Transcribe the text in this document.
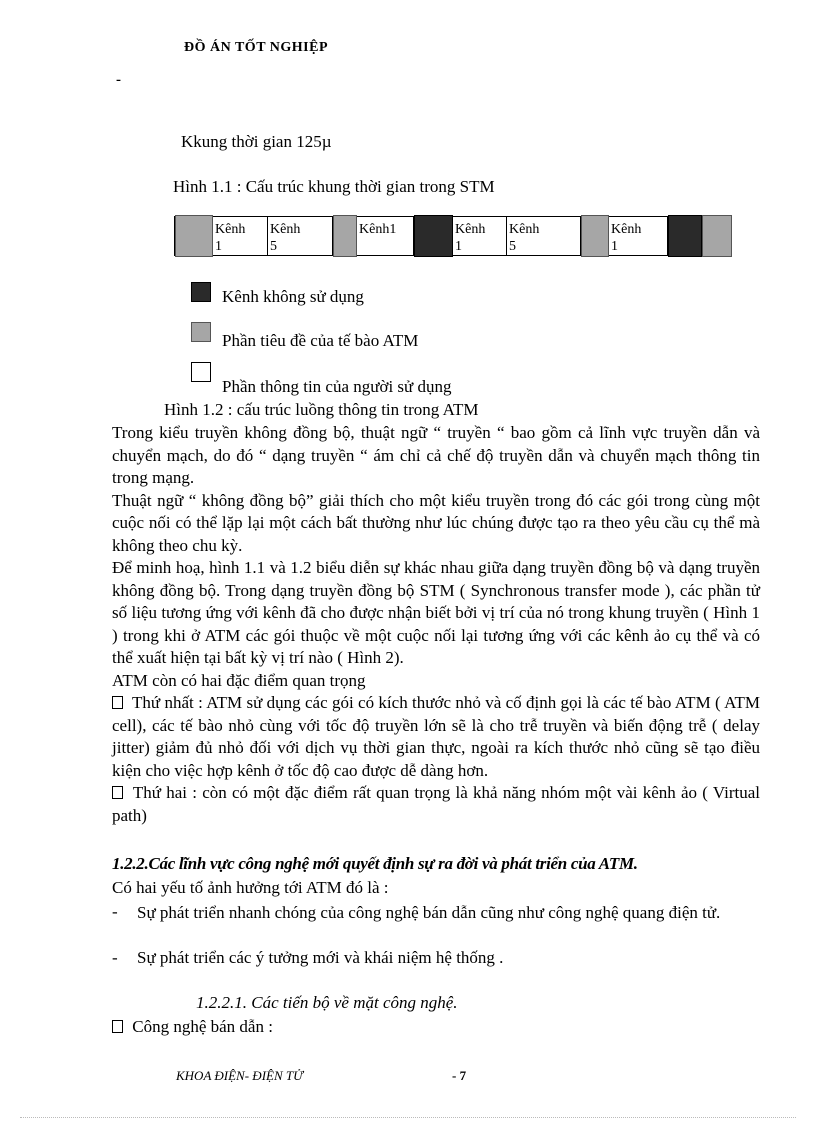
ĐỒ ÁN TỐT NGHIỆP
-
Kkung thời gian 125µ
Hình 1.1 : Cấu trúc khung thời gian trong STM
Kênh
1
Kênh
5
Kênh1	Kênh
1
Kênh
5
Kênh
1
Kênh không sử dụng
Phần tiêu đề của tế bào ATM
Phần thông tin của người sử dụng
Hình 1.2 : cấu trúc luồng thông tin trong ATM

Trong kiểu truyền không đồng bộ, thuật ngữ “ truyền “ bao gồm cả lĩnh vực truyền dẫn và chuyển mạch, do đó “ dạng truyền “ ám chỉ cả chế độ truyền dẫn và chuyển mạch thông tin trong mạng.

Thuật ngữ “ không đồng bộ” giải thích cho một kiểu truyền trong đó các gói trong cùng một cuộc nối có thể lặp lại một cách bất thường như lúc chúng được tạo ra theo yêu cầu cụ thể mà không theo chu kỳ.

Để minh hoạ, hình 1.1 và 1.2 biểu diễn sự khác nhau giữa dạng truyền đồng bộ và dạng truyền không đồng bộ. Trong dạng truyền đồng bộ STM ( Synchronous transfer mode ), các phần tử số liệu tương ứng với kênh đã cho được nhận biết bởi vị trí của nó trong khung truyền ( Hình 1 ) trong khi ở ATM các gói thuộc về một cuộc nối lại tương ứng với các kênh ảo cụ thể và có thể xuất hiện tại bất kỳ vị trí nào ( Hình 2).

ATM còn có hai đặc điểm quan trọng

Thứ nhất : ATM sử dụng các gói có kích thước nhỏ và cố định gọi là các tế bào ATM ( ATM cell), các tế bào nhỏ cùng với tốc độ truyền lớn sẽ là cho trễ truyền và biến động trễ ( delay jitter) giảm đủ nhỏ đối với dịch vụ thời gian thực, ngoài ra kích thước nhỏ cũng sẽ tạo điều kiện cho việc hợp kênh ở tốc độ cao được dễ dàng hơn.

Thứ hai : còn có một đặc điểm rất quan trọng là khả năng nhóm một vài kênh ảo ( Virtual path)

1.2.2.Các lĩnh vực công nghệ mới quyết định sự ra đời và phát triển của ATM.
Có hai yếu tố ảnh hưởng tới ATM đó là :
- Sự phát triển nhanh chóng của công nghệ bán dẫn cũng như công nghệ quang điện tử.
- Sự phát triển các ý tưởng mới và khái niệm hệ thống .
1.2.2.1. Các tiến bộ về mặt công nghệ.
Công nghệ bán dẫn :
KHOA ĐIỆN- ĐIỆN TỬ	- 7
